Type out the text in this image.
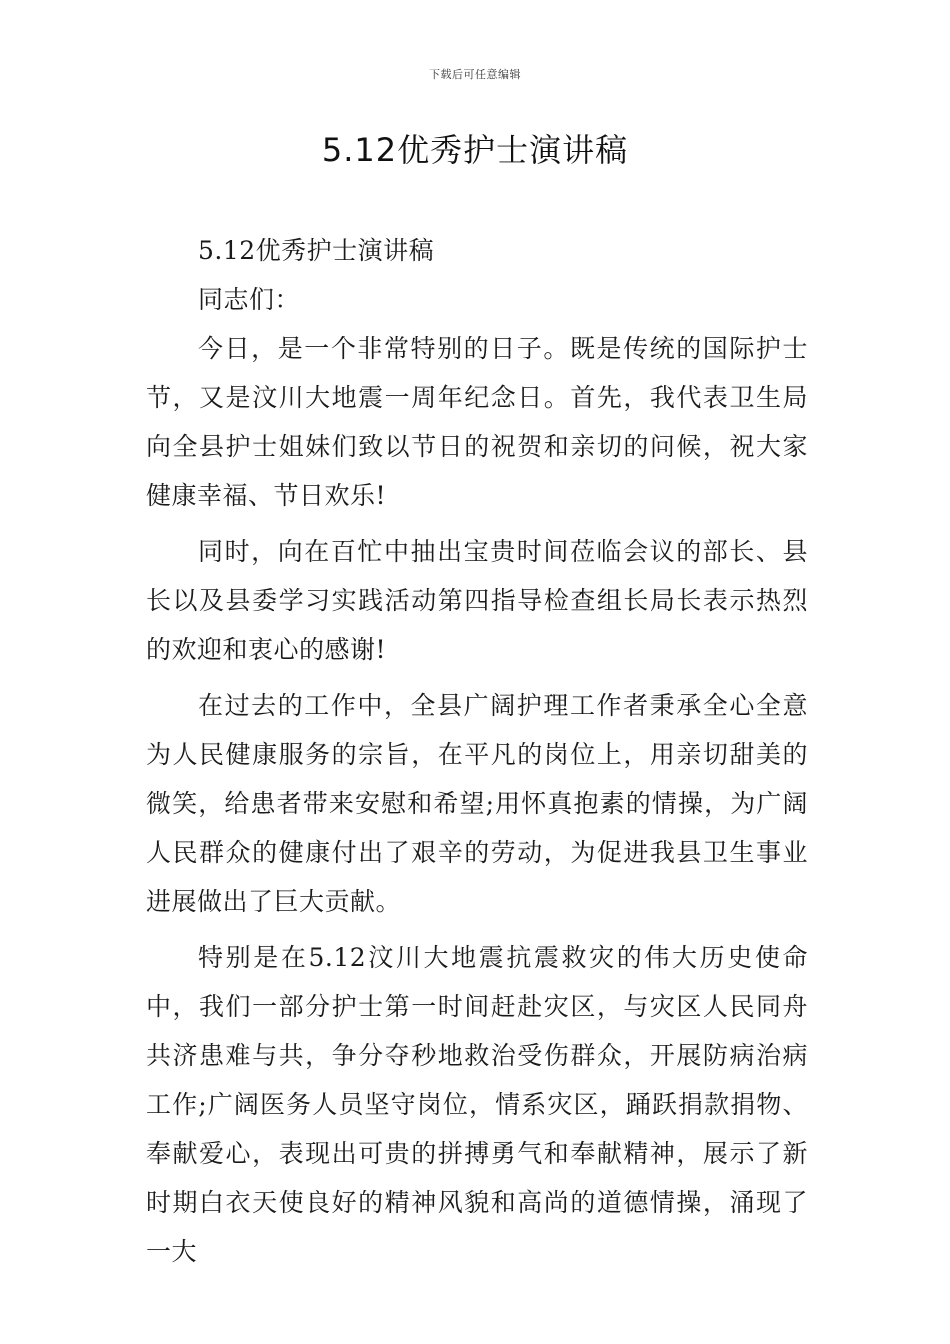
下载后可任意编辑
5.12优秀护士演讲稿

5.12优秀护士演讲稿

同志们：

今日，是一个非常特别的日子。既是传统的国际护士节，又是汶川大地震一周年纪念日。首先，我代表卫生局向全县护士姐妹们致以节日的祝贺和亲切的问候，祝大家健康幸福、节日欢乐!

同时，向在百忙中抽出宝贵时间莅临会议的部长、县长以及县委学习实践活动第四指导检查组长局长表示热烈的欢迎和衷心的感谢!

在过去的工作中，全县广阔护理工作者秉承全心全意为人民健康服务的宗旨，在平凡的岗位上，用亲切甜美的微笑，给患者带来安慰和希望;用怀真抱素的情操，为广阔人民群众的健康付出了艰辛的劳动，为促进我县卫生事业进展做出了巨大贡献。

特别是在5.12汶川大地震抗震救灾的伟大历史使命中，我们一部分护士第一时间赶赴灾区，与灾区人民同舟共济患难与共，争分夺秒地救治受伤群众，开展防病治病工作;广阔医务人员坚守岗位，情系灾区，踊跃捐款捐物、奉献爱心，表现出可贵的拼搏勇气和奉献精神，展示了新时期白衣天使良好的精神风貌和高尚的道德情操，涌现了一大
